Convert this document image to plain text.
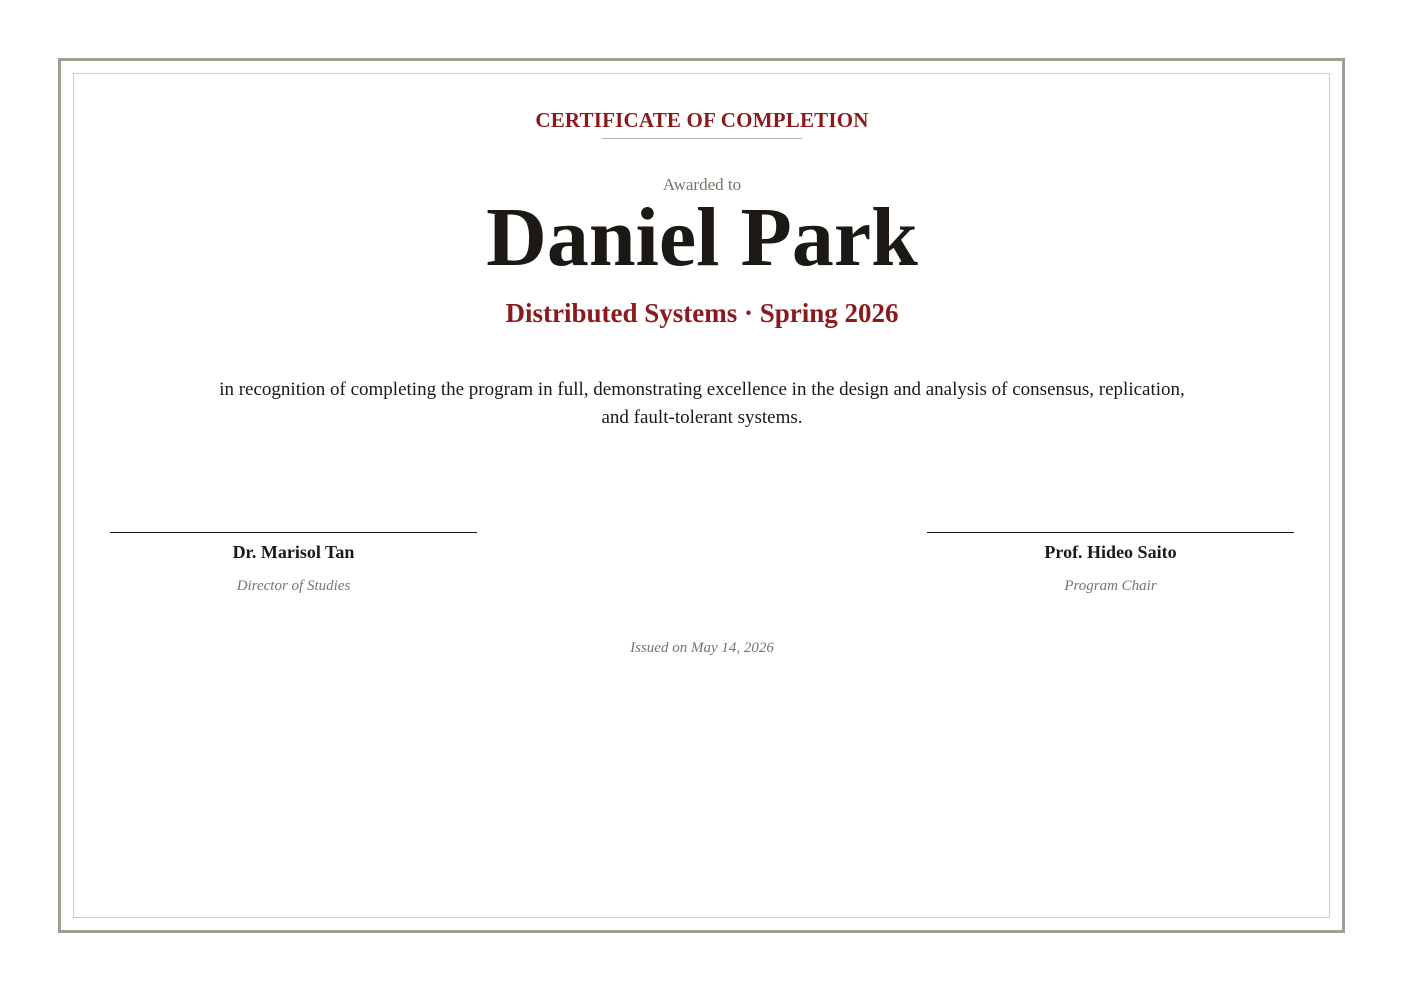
CERTIFICATE OF COMPLETION
Awarded to
Daniel Park
Distributed Systems · Spring 2026
in recognition of completing the program in full, demonstrating excellence in the design and analysis of consensus, replication,
and fault-tolerant systems.
Dr. Marisol Tan
Director of Studies
Prof. Hideo Saito
Program Chair
Issued on May 14, 2026
